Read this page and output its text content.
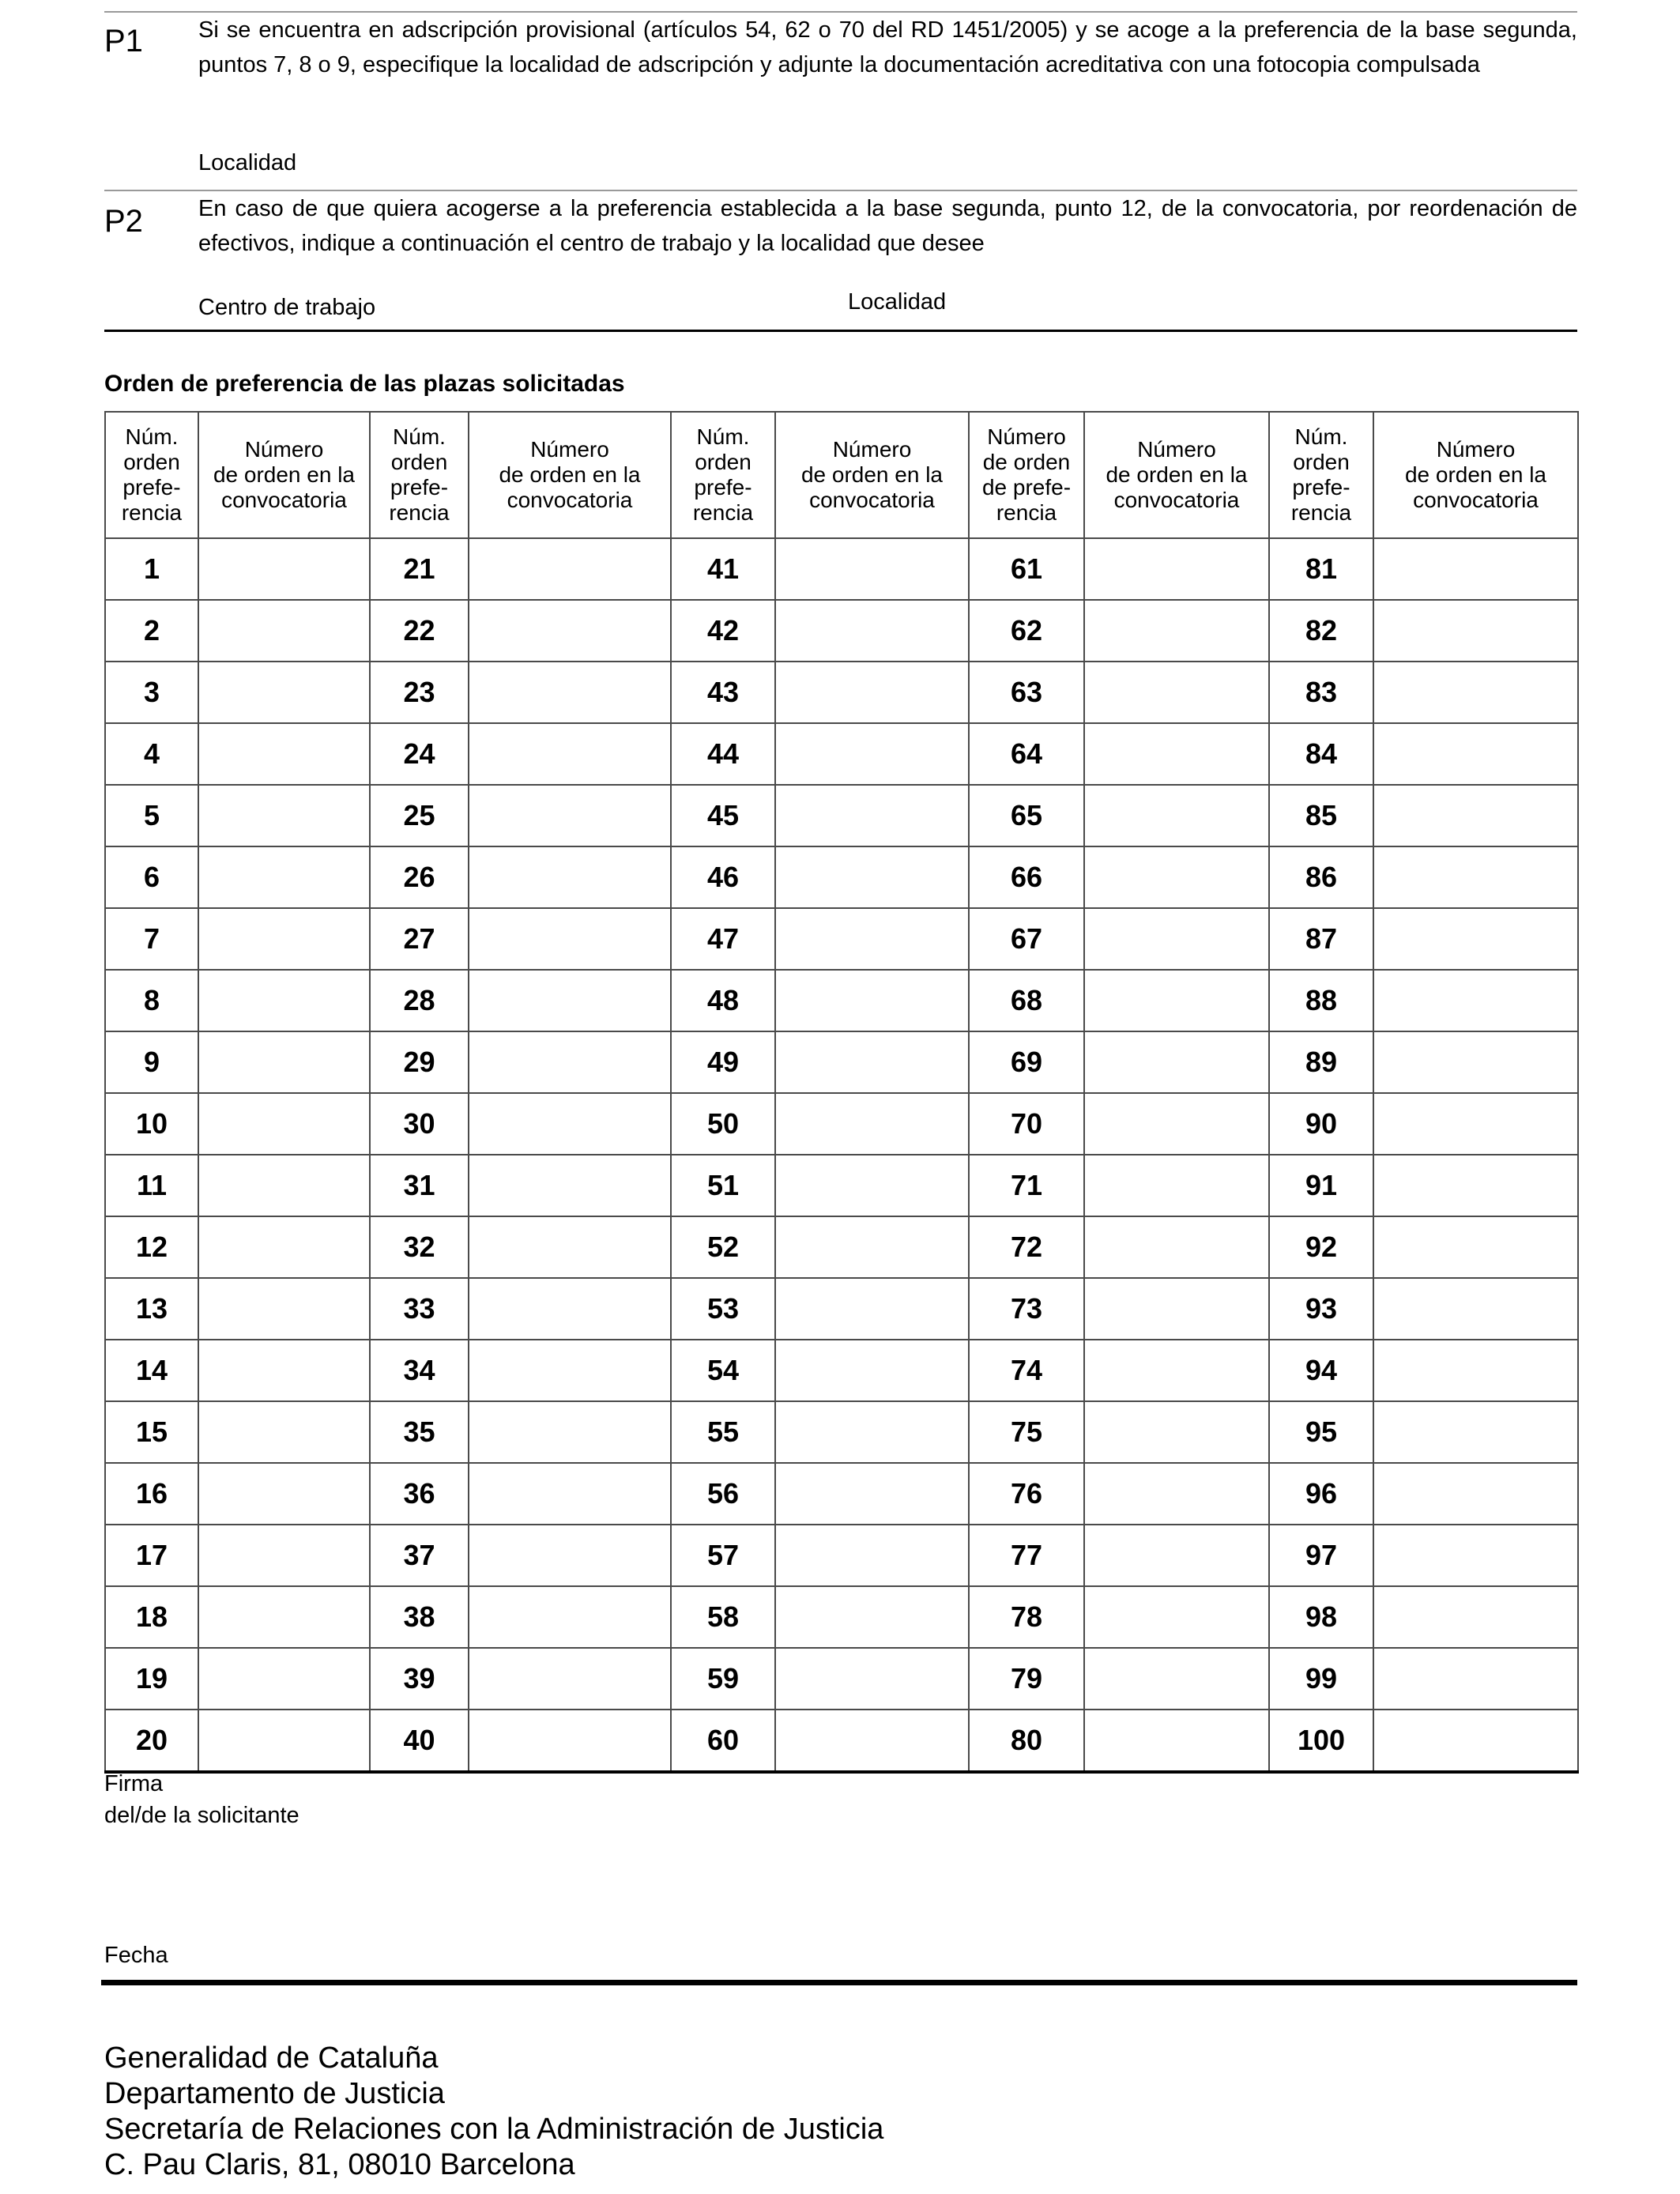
P1 Si se encuentra en adscripción provisional (artículos 54, 62 o 70 del RD 1451/2005) y se acoge a la preferencia de la base segunda, puntos 7, 8 o 9, especifique la localidad de adscripción y adjunte la documentación acreditativa con una fotocopia compulsada
Localidad
P2 En caso de que quiera acogerse a la preferencia establecida a la base segunda, punto 12, de la convocatoria, por reordenación de efectivos, indique a continuación el centro de trabajo y la localidad que desee
Centro de trabajo	Localidad
Orden de preferencia de las plazas solicitadas
Núm.
orden
prefe-
rencia	Número
de orden en la
convocatoria	Núm.
orden
prefe-
rencia	Número
de orden en la
convocatoria	Núm.
orden
prefe-
rencia	Número
de orden en la
convocatoria	Número
de orden
de prefe-
rencia	Número
de orden en la
convocatoria	Núm.
orden
prefe-
rencia	Número
de orden en la
convocatoria
1		21		41		61		81	
2		22		42		62		82	
3		23		43		63		83	
4		24		44		64		84	
5		25		45		65		85	
6		26		46		66		86	
7		27		47		67		87	
8		28		48		68		88	
9		29		49		69		89	
10		30		50		70		90	
11		31		51		71		91	
12		32		52		72		92	
13		33		53		73		93	
14		34		54		74		94	
15		35		55		75		95	
16		36		56		76		96	
17		37		57		77		97	
18		38		58		78		98	
19		39		59		79		99	
20		40		60		80		100	
Firma
del/de la solicitante
Fecha
Generalidad de Cataluña
Departamento de Justicia
Secretaría de Relaciones con la Administración de Justicia
C. Pau Claris, 81, 08010 Barcelona
